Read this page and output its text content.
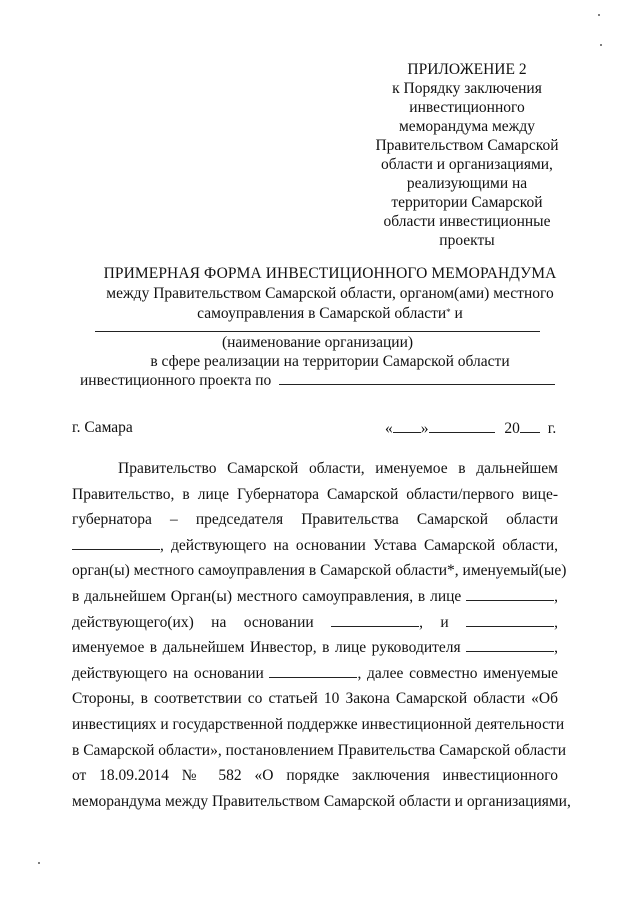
ПРИЛОЖЕНИЕ 2
к Порядку заключения
инвестиционного
меморандума между
Правительством Самарской
области и организациями,
реализующими на
территории Самарской
области инвестиционные
проекты
ПРИМЕРНАЯ ФОРМА ИНВЕСТИЦИОННОГО МЕМОРАНДУМА
между Правительством Самарской области, органом(ами) местного
самоуправления в Самарской области* и
(наименование организации)
в сфере реализации на территории Самарской области
инвестиционного проекта по
г. Самара	« »	20 г.
Правительство Самарской области, именуемое в дальнейшем
Правительство, в лице Губернатора Самарской области/первого вице-
губернатора – председателя Правительства Самарской области
, действующего на основании Устава Самарской области,
орган(ы) местного самоуправления в Самарской области*, именуемый(ые)
в дальнейшем Орган(ы) местного самоуправления, в лице	,
действующего(их) на основании	, и	,
именуемое в дальнейшем Инвестор, в лице руководителя	,
действующего на основании	, далее совместно именуемые
Стороны, в соответствии со статьей 10 Закона Самарской области «Об
инвестициях и государственной поддержке инвестиционной деятельности
в Самарской области», постановлением Правительства Самарской области
от 18.09.2014 № 582 «О порядке заключения инвестиционного
меморандума между Правительством Самарской области и организациями,
